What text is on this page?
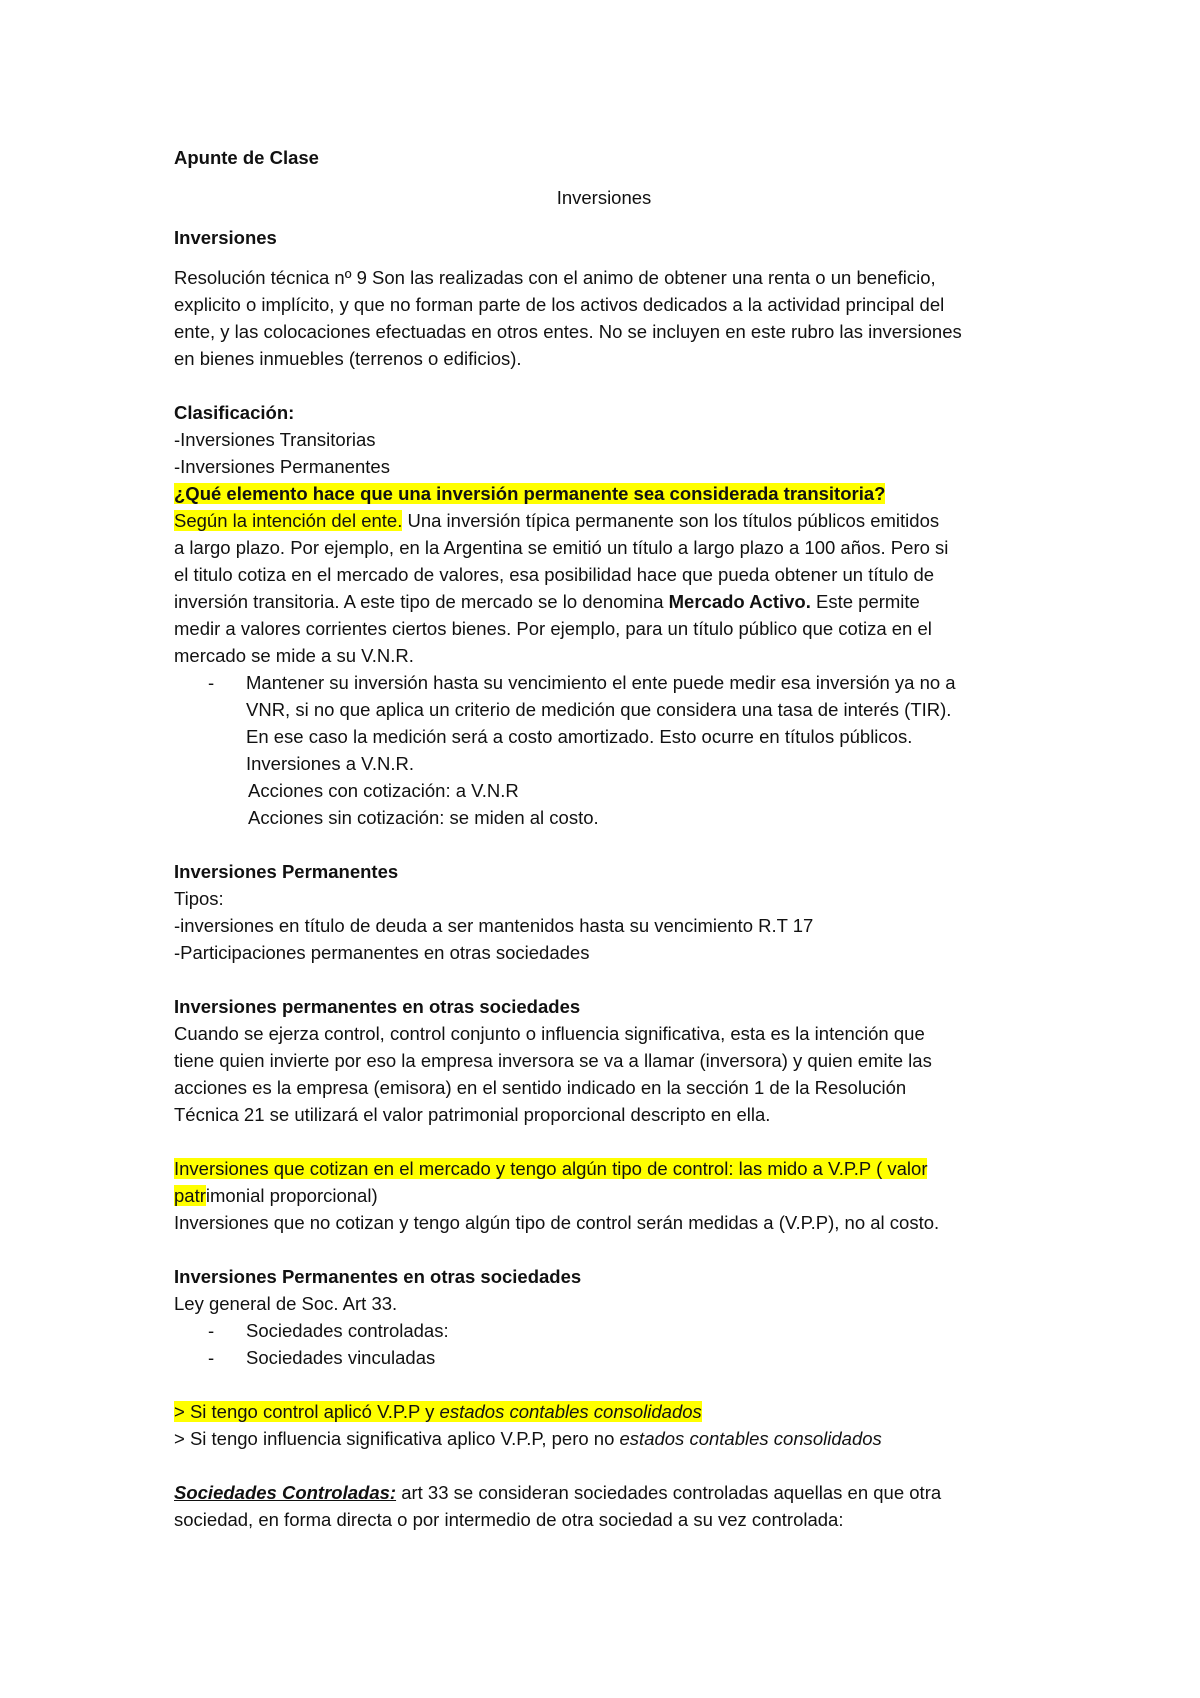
Apunte de Clase

Inversiones

Inversiones

Resolución técnica nº 9 Son las realizadas con el animo de obtener una renta o un beneficio,

explicito o implícito, y que no forman parte de los activos dedicados a la actividad principal del

ente, y las colocaciones efectuadas en otros entes. No se incluyen en este rubro las inversiones

en bienes inmuebles (terrenos o edificios).

Clasificación:

-Inversiones Transitorias

-Inversiones Permanentes

¿Qué elemento hace que una inversión permanente sea considerada transitoria?

Según la intención del ente. Una inversión típica permanente son los títulos públicos emitidos

a largo plazo. Por ejemplo, en la Argentina se emitió un título a largo plazo a 100 años. Pero si

el titulo cotiza en el mercado de valores, esa posibilidad hace que pueda obtener un título de

inversión transitoria. A este tipo de mercado se lo denomina Mercado Activo. Este permite

medir a valores corrientes ciertos bienes. Por ejemplo, para un título público que cotiza en el

mercado se mide a su V.N.R.

- Mantener su inversión hasta su vencimiento el ente puede medir esa inversión ya no a

VNR, si no que aplica un criterio de medición que considera una tasa de interés (TIR).

En ese caso la medición será a costo amortizado. Esto ocurre en títulos públicos.

Inversiones a V.N.R.

Acciones con cotización: a V.N.R

Acciones sin cotización: se miden al costo.

Inversiones Permanentes

Tipos:

-inversiones en título de deuda a ser mantenidos hasta su vencimiento R.T 17

-Participaciones permanentes en otras sociedades

Inversiones permanentes en otras sociedades

Cuando se ejerza control, control conjunto o influencia significativa, esta es la intención que

tiene quien invierte por eso la empresa inversora se va a llamar (inversora) y quien emite las

acciones es la empresa (emisora) en el sentido indicado en la sección 1 de la Resolución

Técnica 21 se utilizará el valor patrimonial proporcional descripto en ella.

Inversiones que cotizan en el mercado y tengo algún tipo de control: las mido a V.P.P ( valor

patrimonial proporcional)

Inversiones que no cotizan y tengo algún tipo de control serán medidas a (V.P.P), no al costo.

Inversiones Permanentes en otras sociedades

Ley general de Soc. Art 33.

- Sociedades controladas:

- Sociedades vinculadas

> Si tengo control aplicó V.P.P y estados contables consolidados

> Si tengo influencia significativa aplico V.P.P, pero no estados contables consolidados

Sociedades Controladas: art 33 se consideran sociedades controladas aquellas en que otra

sociedad, en forma directa o por intermedio de otra sociedad a su vez controlada:
